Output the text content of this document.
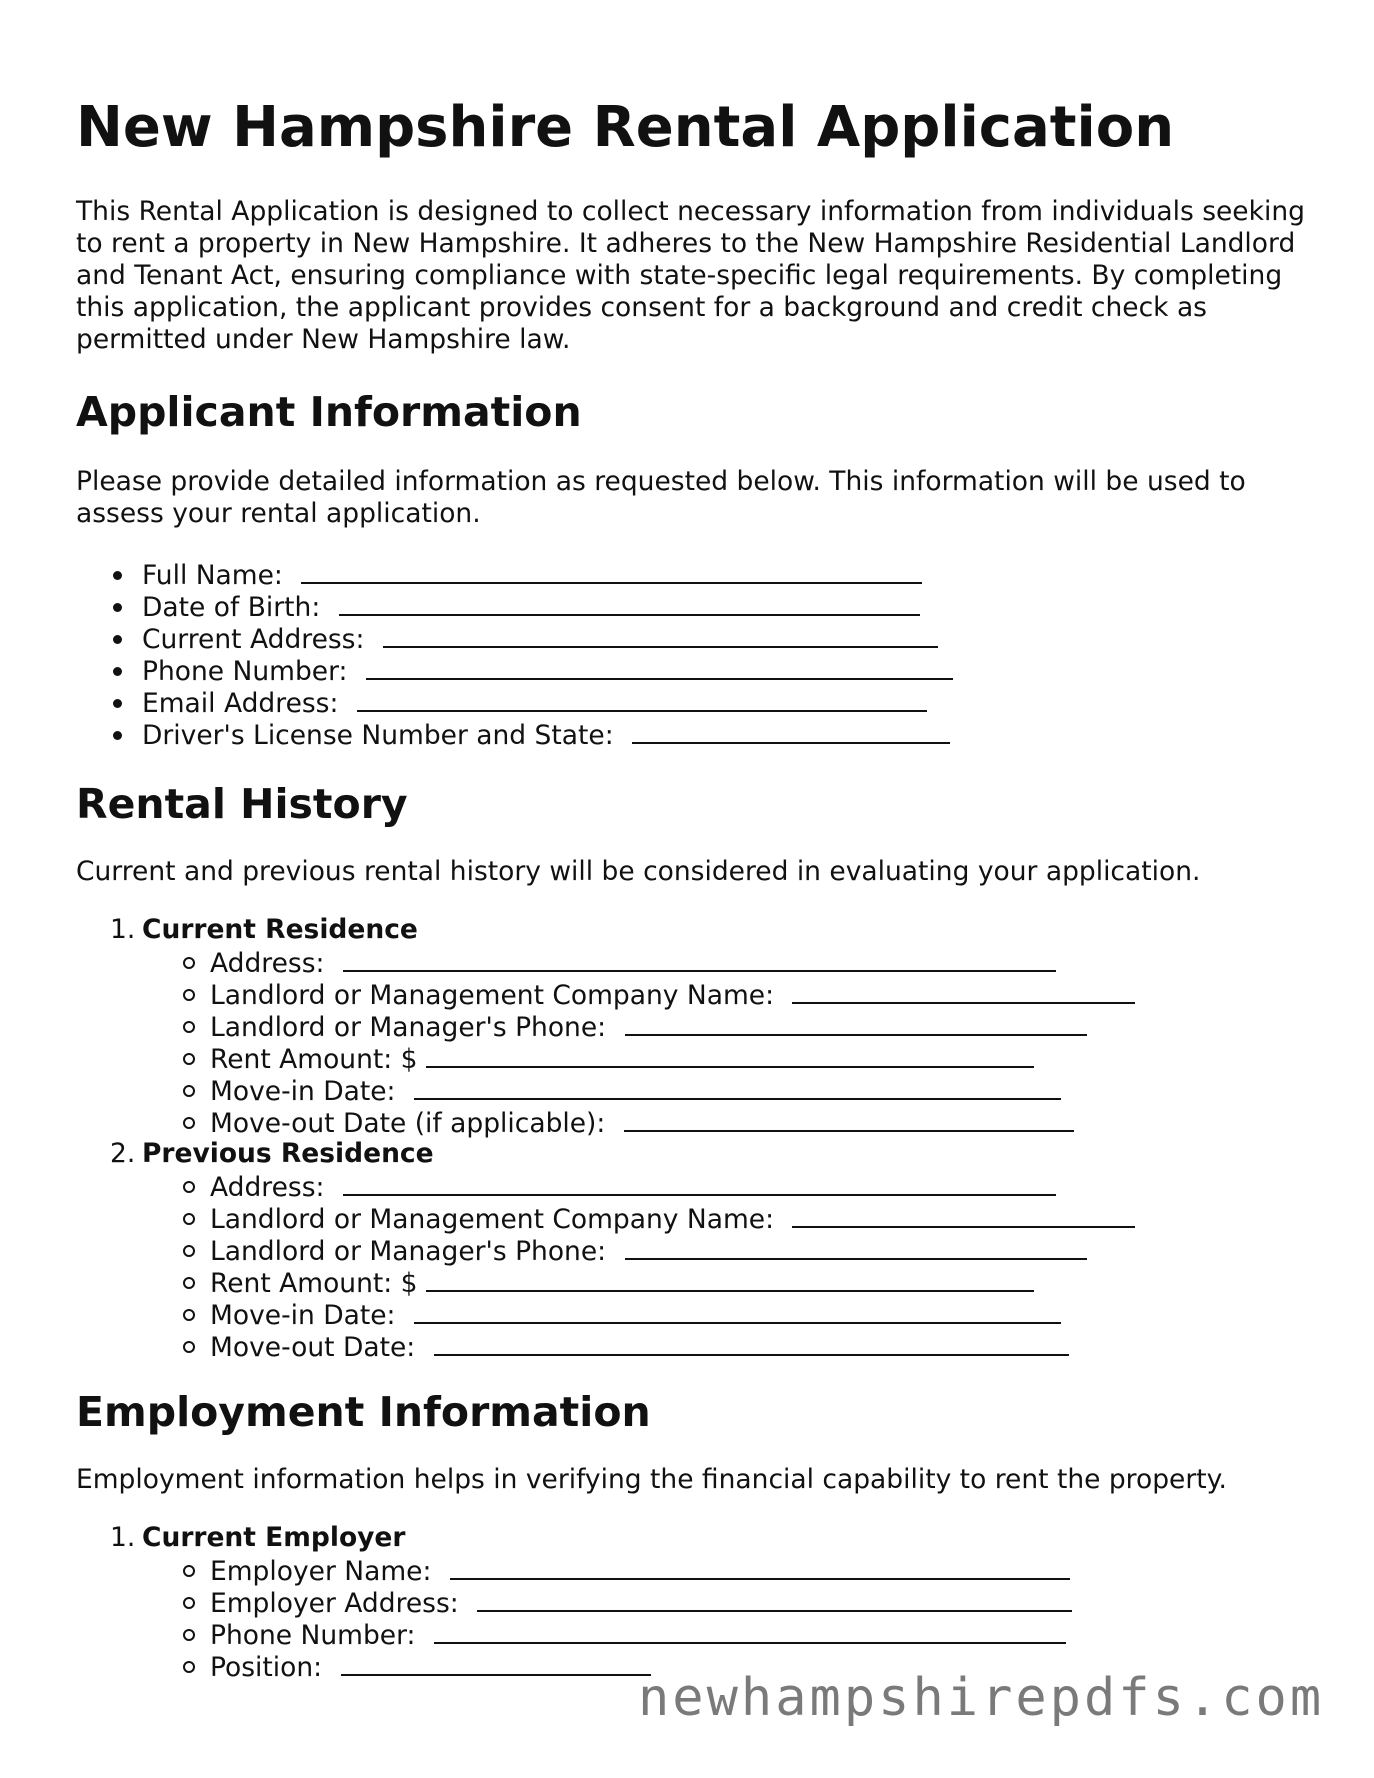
New Hampshire Rental Application

This Rental Application is designed to collect necessary information from individuals seeking to rent a property in New Hampshire. It adheres to the New Hampshire Residential Landlord and Tenant Act, ensuring compliance with state-specific legal requirements. By completing this application, the applicant provides consent for a background and credit check as permitted under New Hampshire law.

Applicant Information

Please provide detailed information as requested below. This information will be used to assess your rental application.

Full Name:
Date of Birth:
Current Address:
Phone Number:
Email Address:
Driver's License Number and State:
Rental History

Current and previous rental history will be considered in evaluating your application.

1. Current Residence
Address:
Landlord or Management Company Name:
Landlord or Manager's Phone:
Rent Amount: $
Move-in Date:
Move-out Date (if applicable):
2. Previous Residence
Address:
Landlord or Management Company Name:
Landlord or Manager's Phone:
Rent Amount: $
Move-in Date:
Move-out Date:
Employment Information

Employment information helps in verifying the financial capability to rent the property.

1. Current Employer
Employer Name:
Employer Address:
Phone Number:
Position:
newhampshirepdfs.com
